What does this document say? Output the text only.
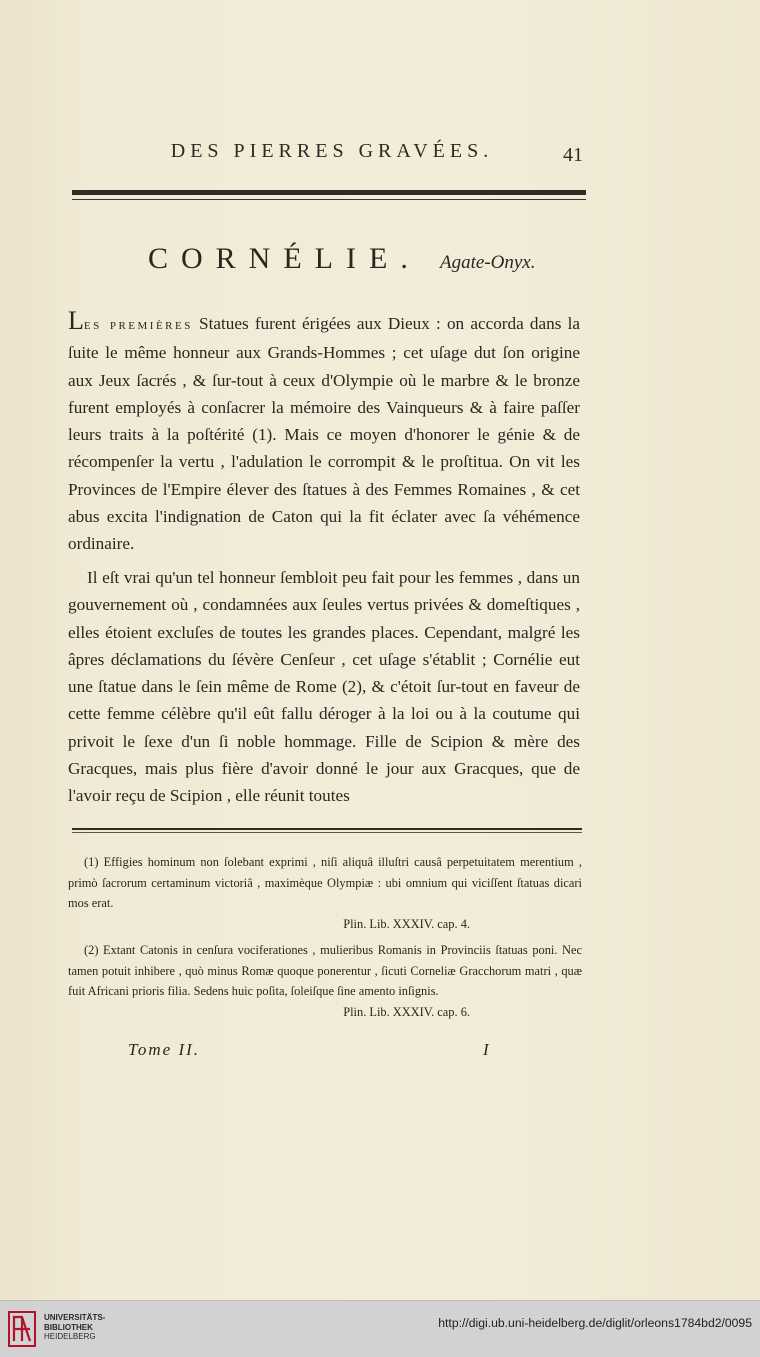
DES PIERRES GRAVÉES.	41
CORNÉLIE. Agate-Onyx.
Les premières Statues furent érigées aux Dieux : on accorda dans la ſuite le même honneur aux Grands-Hommes ; cet uſage dut ſon origine aux Jeux ſacrés , & ſur-tout à ceux d'Olympie où le marbre & le bronze furent employés à conſacrer la mémoire des Vainqueurs & à faire paſſer leurs traits à la poſtérité (1). Mais ce moyen d'honorer le génie & de récompenſer la vertu , l'adulation le corrompit & le proſtitua. On vit les Provinces de l'Empire élever des ſtatues à des Femmes Romaines , & cet abus excita l'indignation de Caton qui la fit éclater avec ſa véhémence ordinaire.
Il eſt vrai qu'un tel honneur ſembloit peu fait pour les femmes , dans un gouvernement où , condamnées aux ſeules vertus privées & domeſtiques , elles étoient excluſes de toutes les grandes places. Cependant, malgré les âpres déclamations du ſévère Cenſeur , cet uſage s'établit ; Cornélie eut une ſtatue dans le ſein même de Rome (2), & c'étoit ſur-tout en faveur de cette femme célèbre qu'il eût fallu déroger à la loi ou à la coutume qui privoit le ſexe d'un ſi noble hommage. Fille de Scipion & mère des Gracques, mais plus fière d'avoir donné le jour aux Gracques, que de l'avoir reçu de Scipion , elle réunit toutes
(1) Effigies hominum non ſolebant exprimi , niſi aliquâ illuſtri causâ perpetuitatem merentium , primò ſacrorum certaminum victoriâ , maximèque Olympiæ : ubi omnium qui viciſſent ſtatuas dicari mos erat.
Plin. Lib. XXXIV. cap. 4.
(2) Extant Catonis in cenſura vociferationes , mulieribus Romanis in Provinciis ſtatuas poni. Nec tamen potuit inhibere , quò minus Romæ quoque ponerentur , ſicuti Corneliæ Gracchorum matri , quæ fuit Africani prioris filia. Sedens huic poſita, ſoleiſque ſine amento inſignis.
Plin. Lib. XXXIV. cap. 6.
Tome II.	I
UNIVERSITÄTS-
BIBLIOTHEK
HEIDELBERG
http://digi.ub.uni-heidelberg.de/diglit/orleons1784bd2/0095
